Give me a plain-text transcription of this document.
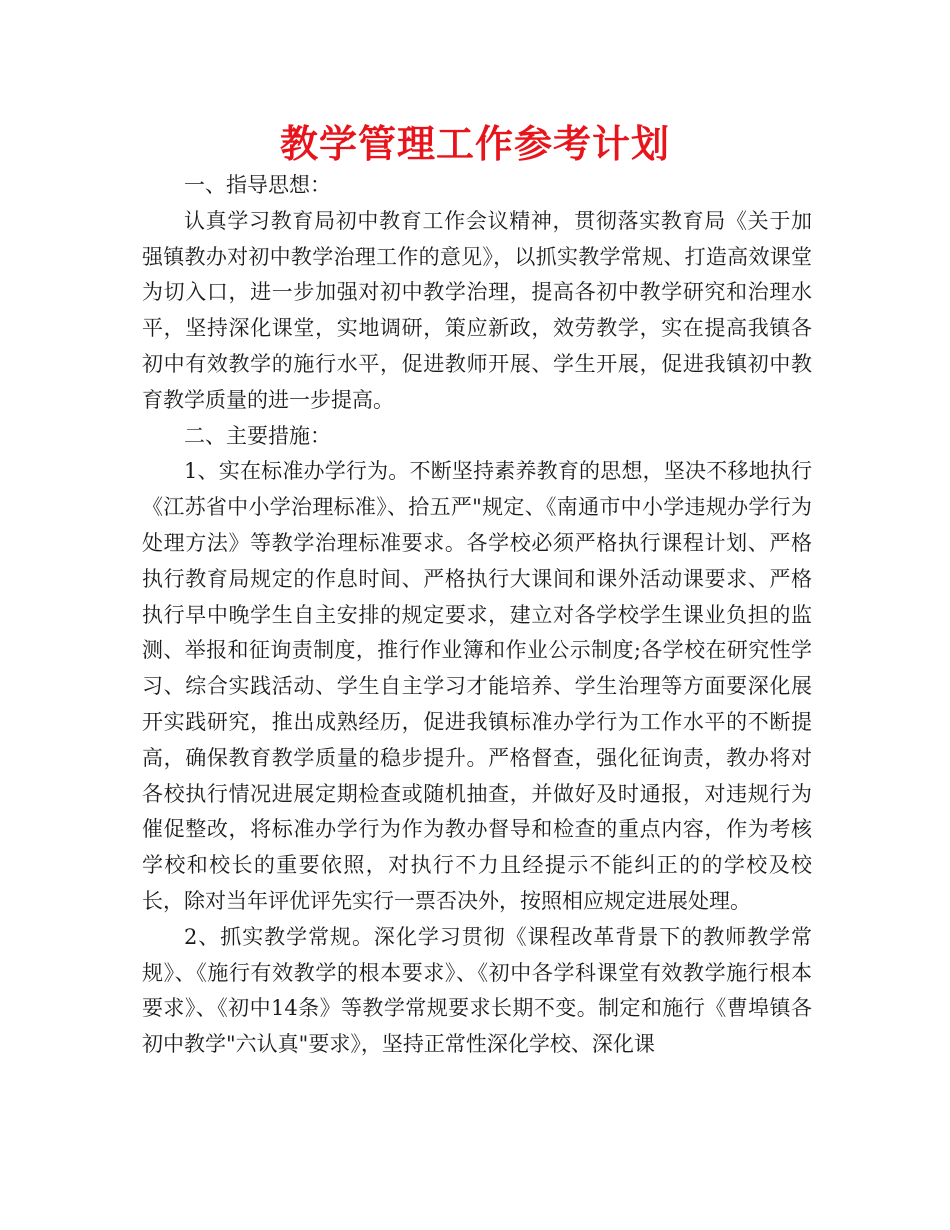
教学管理工作参考计划

一、指导思想：

认真学习教育局初中教育工作会议精神，贯彻落实教育局《关于加强镇教办对初中教学治理工作的意见》，以抓实教学常规、打造高效课堂为切入口，进一步加强对初中教学治理，提高各初中教学研究和治理水平，坚持深化课堂，实地调研，策应新政，效劳教学，实在提高我镇各初中有效教学的施行水平，促进教师开展、学生开展，促进我镇初中教育教学质量的进一步提高。

二、主要措施：

1、实在标准办学行为。不断坚持素养教育的思想，坚决不移地执行《江苏省中小学治理标准》、拾五严"规定、《南通市中小学违规办学行为处理方法》等教学治理标准要求。各学校必须严格执行课程计划、严格执行教育局规定的作息时间、严格执行大课间和课外活动课要求、严格执行早中晚学生自主安排的规定要求，建立对各学校学生课业负担的监测、举报和征询责制度，推行作业簿和作业公示制度;各学校在研究性学习、综合实践活动、学生自主学习才能培养、学生治理等方面要深化展开实践研究，推出成熟经历，促进我镇标准办学行为工作水平的不断提高，确保教育教学质量的稳步提升。严格督查，强化征询责，教办将对各校执行情况进展定期检查或随机抽查，并做好及时通报，对违规行为催促整改，将标准办学行为作为教办督导和检查的重点内容，作为考核学校和校长的重要依照，对执行不力且经提示不能纠正的的学校及校长，除对当年评优评先实行一票否决外，按照相应规定进展处理。

2、抓实教学常规。深化学习贯彻《课程改革背景下的教师教学常规》、《施行有效教学的根本要求》、《初中各学科课堂有效教学施行根本要求》、《初中14条》等教学常规要求长期不变。制定和施行《曹埠镇各初中教学"六认真"要求》，坚持正常性深化学校、深化课
